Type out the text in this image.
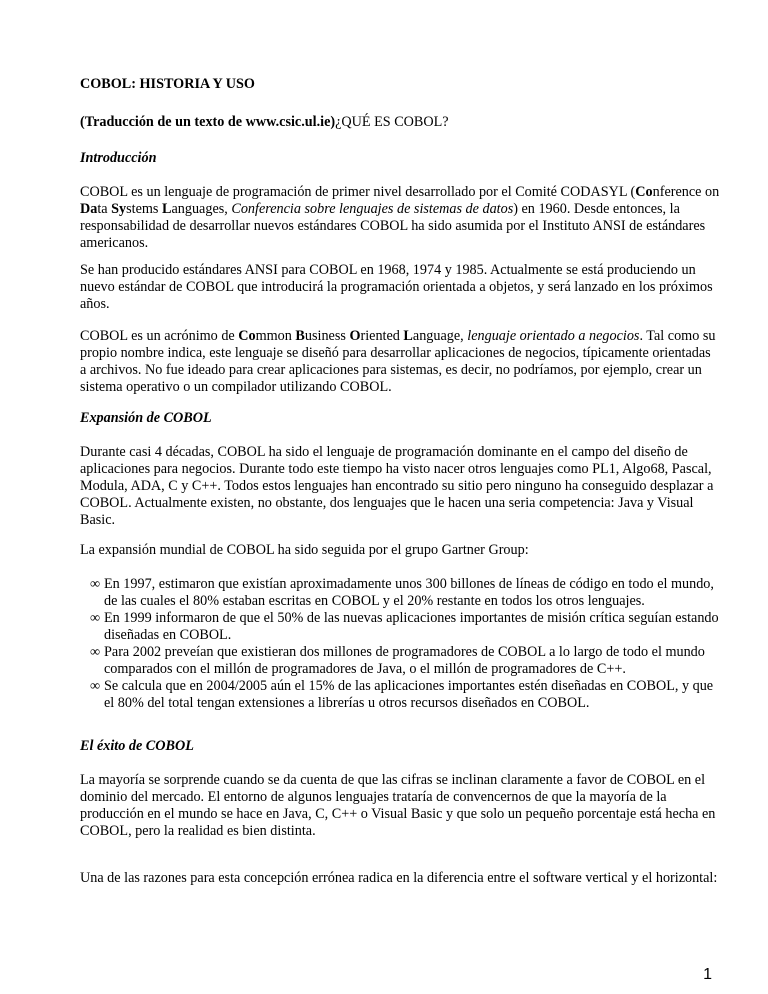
COBOL: HISTORIA Y USO

(Traducción de un texto de www.csic.ul.ie)¿QUÉ ES COBOL?

Introducción

COBOL es un lenguaje de programación de primer nivel desarrollado por el Comité CODASYL (Conference on Data Systems Languages, Conferencia sobre lenguajes de sistemas de datos) en 1960. Desde entonces, la responsabilidad de desarrollar nuevos estándares COBOL ha sido asumida por el Instituto ANSI de estándares americanos.

Se han producido estándares ANSI para COBOL en 1968, 1974 y 1985. Actualmente se está produciendo un nuevo estándar de COBOL que introducirá la programación orientada a objetos, y será lanzado en los próximos años.

COBOL es un acrónimo de Common Business Oriented Language, lenguaje orientado a negocios. Tal como su propio nombre indica, este lenguaje se diseñó para desarrollar aplicaciones de negocios, típicamente orientadas a archivos. No fue ideado para crear aplicaciones para sistemas, es decir, no podríamos, por ejemplo, crear un sistema operativo o un compilador utilizando COBOL.

Expansión de COBOL

Durante casi 4 décadas, COBOL ha sido el lenguaje de programación dominante en el campo del diseño de aplicaciones para negocios. Durante todo este tiempo ha visto nacer otros lenguajes como PL1, Algo68, Pascal, Modula, ADA, C y C++. Todos estos lenguajes han encontrado su sitio pero ninguno ha conseguido desplazar a COBOL. Actualmente existen, no obstante, dos lenguajes que le hacen una seria competencia: Java y Visual Basic.

La expansión mundial de COBOL ha sido seguida por el grupo Gartner Group:

∞ En 1997, estimaron que existían aproximadamente unos 300 billones de líneas de código en todo el mundo, de las cuales el 80% estaban escritas en COBOL y el 20% restante en todos los otros lenguajes.
∞ En 1999 informaron de que el 50% de las nuevas aplicaciones importantes de misión crítica seguían estando diseñadas en COBOL.
∞ Para 2002 preveían que existieran dos millones de programadores de COBOL a lo largo de todo el mundo comparados con el millón de programadores de Java, o el millón de programadores de C++.
∞ Se calcula que en 2004/2005 aún el 15% de las aplicaciones importantes estén diseñadas en COBOL, y que el 80% del total tengan extensiones a librerías u otros recursos diseñados en COBOL.

El éxito de COBOL

La mayoría se sorprende cuando se da cuenta de que las cifras se inclinan claramente a favor de COBOL en el dominio del mercado. El entorno de algunos lenguajes trataría de convencernos de que la mayoría de la producción en el mundo se hace en Java, C, C++ o Visual Basic y que solo un pequeño porcentaje está hecha en COBOL, pero la realidad es bien distinta.

Una de las razones para esta concepción errónea radica en la diferencia entre el software vertical y el horizontal:

1
